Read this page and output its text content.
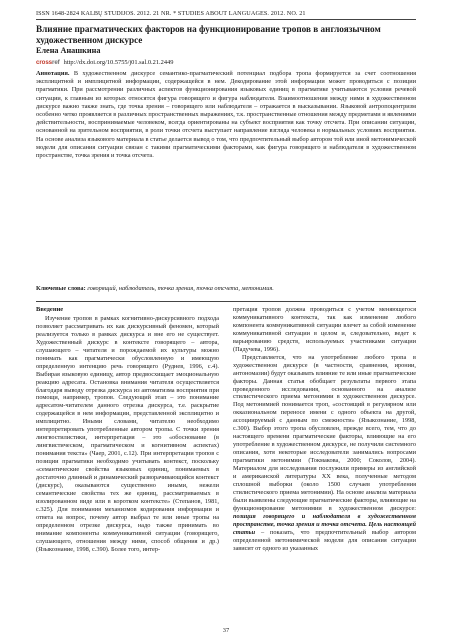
ISSN 1648-2824 KALBŲ STUDIJOS. 2012. 21 NR. * STUDIES ABOUT LANGUAGES. 2012. NO. 21
Влияние прагматических факторов на функционирование тропов в англоязычном художественном дискурсе
Елена Анашкина
crossref http://dx.doi.org/10.5755/j01.sal.0.21.2449

Аннотация. В художественном дискурсе семантико-прагматический потенциал подбора тропа формируется за счет соотношения эксплицитной и имплицитной информации, содержащейся в нем. Декодирование этой информации может проводиться с позиции прагматики. При рассмотрении различных аспектов функционирования языковых единиц в прагматике учитываются условия речевой ситуации, к главным из которых относятся фигура говорящего и фигура наблюдателя. Взаимоотношения между ними в художественном дискурсе важно также знать, где точка зрения – говорящего или наблюдателя – отражается в высказывании. Языковой антропоцентризм особенно четко проявляется в различных пространственных выражениях, т.к. пространственные отношения между предметами и явлениями действительности, воспринимаемые человеком, всегда ориентированы на субъект восприятия как точку отсчета. При описании ситуации, основанной на зрительном восприятии, в роли точки отсчета выступает направление взгляда человека в нормальных условиях восприятия. На основе анализа языкового материала в статье делается вывод о том, что предпочтительный выбор автором той или иной метонимической модели для описания ситуации связан с такими прагматическими факторами, как фигура говорящего и наблюдателя в художественном пространстве, точка зрения и точка отсчета.

Ключевые слова: говорящий, наблюдатель, точка зрения, точка отсчета, метонимия.

Введение

Изучение тропов в рамках когнитивно-дискурсивного подхода позволяет рассматривать их как дискурсивный феномен, который реализуется только в рамках дискурса и вне его не существует. Художественный дискурс в контексте говорящего – автора, слушающего – читателя и порождаемой их культуры можно понимать как прагматически обусловленную и имеющую определенную интенцию речь говорящего (Руднев, 1996, с.4). Выбирая языковую единицу, автор предвосхищает эмоциональную реакцию адресата. Остановка внимания читателя осуществляется благодаря выводу отрезка дискурса из автоматизма восприятия при помощи, например, тропов. Следующий этап – это понимание адресатом-читателем данного отрезка дискурса, т.е. раскрытие содержащейся в нем информации, представленной эксплицитно и имплицитно. Иными словами, читателю необходимо интерпретировать употребленные автором тропы. С точки зрения лингвостилистики, интерпретация – это «обоснование (в лингвистическом, прагматическом и когнитивном аспектах) понимания текста» (Чаер, 2001, с.12). При интерпретации тропов с позиции прагматики необходимо учитывать контекст, поскольку «семантические свойства языковых единиц, понимаемых в достаточно длинный и динамический разворачивающийся контекст (дискурс), оказываются существенно иными, нежели семантические свойства тех же единиц, рассматриваемых в изолированном виде или в коротком контексте» (Степанов, 1981, с.325). Для понимания механизмов кодирования информации и ответа на вопрос, почему автор выбрал те или иные тропы на определенном отрезке дискурса, надо также принимать во внимание компоненты коммуникативной ситуации (говорящего, слушающего, отношения между ними, способ общения и др.) (Языкознание, 1998, с.390). Более того, интер-

претация тропов должна проводиться с учетом меняющегося коммуникативного контекста, так как изменение любого компонента коммуникативной ситуации влечет за собой изменение коммуникативной ситуации в целом и, следовательно, ведет к варьированию средств, используемых участниками ситуации (Падучева, 1996).

Представляется, что на употребление любого тропа в художественном дискурсе (в частности, сравнения, иронии, антономазии) будут оказывать влияние те или иные прагматические факторы. Данная статья обобщает результаты первого этапа проведенного исследования, основанного на анализе стилистического приема метонимии в художественном дискурсе. Под метонимией понимается троп, «состоящий в регулярном или окказиональном переносе имени с одного объекта на другой, ассоциируемый с данным по смежности» (Языкознание, 1998, с.300). Выбор этого тропа обусловлен, прежде всего, тем, что до настоящего времени прагматические факторы, влияющие на его употребление в художественном дискурсе, не получили системного описания, хотя некоторые исследователи занимались вопросами прагматики метонимии (Токмакова, 2000; Соколов, 2004). Материалом для исследования послужили примеры из английской и американской литературы XX века, полученные методом сплошной выборки (около 1500 случаев употребления стилистического приема метонимии). На основе анализа материала были выявлены следующие прагматические факторы, влияющие на функционирование метонимии в художественном дискурсе: позиция говорящего и наблюдателя в художественном пространстве, точка зрения и точка отсчета. Цель настоящей статьи – показать, что предпочтительный выбор автором определенной метонимической модели для описания ситуации зависит от одного из указанных

37
